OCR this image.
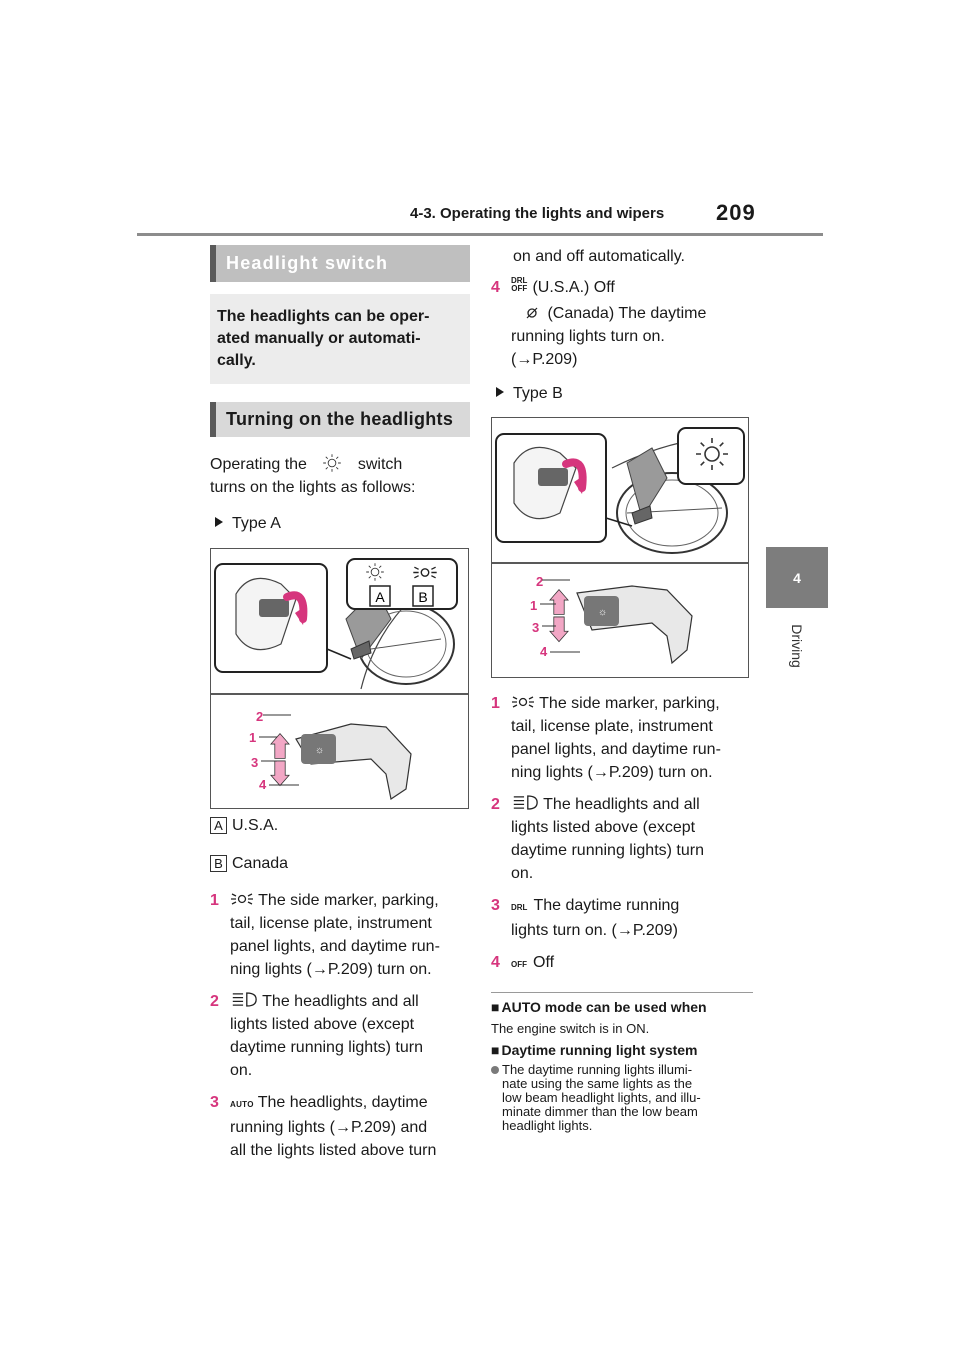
4-3. Operating the lights and wipers 209
4
Driving
Headlight switch
The headlights can be oper-
ated manually or automati-
cally.
Turning on the headlights
Operating the	switch
turns on the lights as follows:
Type A
A B
☼
2
1
3
4
A U.S.A.
B Canada
1	The side marker, parking,
tail, license plate, instrument
panel lights, and daytime run-
ning lights (→P.209) turn on.
2	The headlights and all
lights listed above (except
daytime running lights) turn
on.
3 AUTO The headlights, daytime
running lights (→P.209) and
all the lights listed above turn
on and off automatically.
4 DRL
OFF (U.S.A.) Off
(Canada) The daytime
running lights turn on.
(→P.209)
Type B
☼
2
1
3
4
1	The side marker, parking,
tail, license plate, instrument
panel lights, and daytime run-
ning lights (→P.209) turn on.
2	The headlights and all
lights listed above (except
daytime running lights) turn
on.
3 DRL The daytime running
lights turn on. (→P.209)
4 OFF Off
■ AUTO mode can be used when
The engine switch is in ON.
■ Daytime running light system
The daytime running lights illumi-
nate using the same lights as the
low beam headlight lights, and illu-
minate dimmer than the low beam
headlight lights.
